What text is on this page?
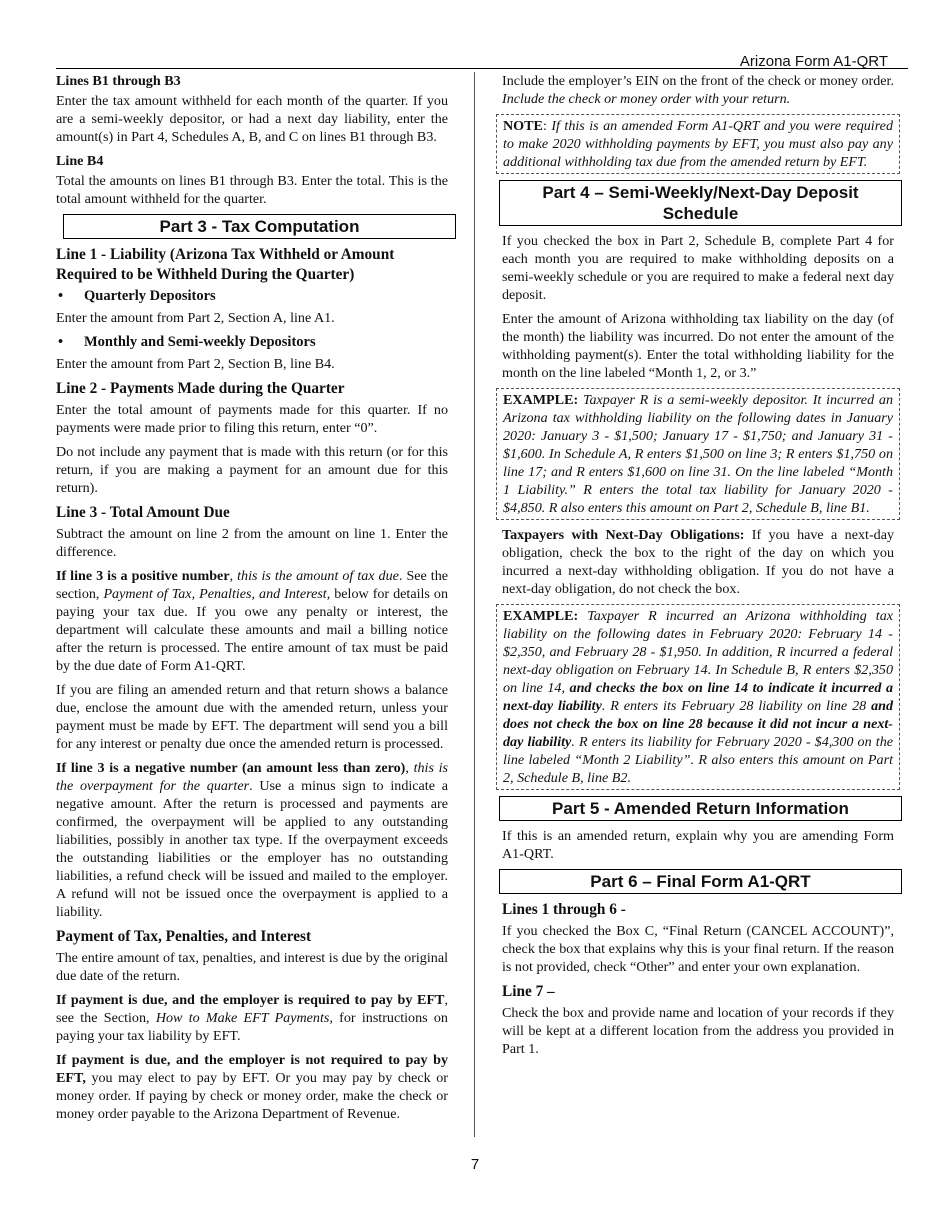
Arizona Form A1-QRT
Lines B1 through B3

Enter the tax amount withheld for each month of the quarter. If you are a semi-weekly depositor, or had a next day liability, enter the amount(s) in Part 4, Schedules A, B, and C on lines B1 through B3.

Line B4

Total the amounts on lines B1 through B3. Enter the total. This is the total amount withheld for the quarter.

Part 3 - Tax Computation
Line 1 - Liability (Arizona Tax Withheld or Amount Required to be Withheld During the Quarter)
• Quarterly Depositors

Enter the amount from Part 2, Section A, line A1.

• Monthly and Semi-weekly Depositors

Enter the amount from Part 2, Section B, line B4.

Line 2 - Payments Made during the Quarter

Enter the total amount of payments made for this quarter. If no payments were made prior to filing this return, enter “0”.

Do not include any payment that is made with this return (or for this return, if you are making a payment for an amount due for this return).

Line 3 - Total Amount Due

Subtract the amount on line 2 from the amount on line 1. Enter the difference.

If line 3 is a positive number, this is the amount of tax due. See the section, Payment of Tax, Penalties, and Interest, below for details on paying your tax due. If you owe any penalty or interest, the department will calculate these amounts and mail a billing notice after the return is processed. The entire amount of tax must be paid by the due date of Form A1-QRT.

If you are filing an amended return and that return shows a balance due, enclose the amount due with the amended return, unless your payment must be made by EFT. The department will send you a bill for any interest or penalty due once the amended return is processed.

If line 3 is a negative number (an amount less than zero), this is the overpayment for the quarter. Use a minus sign to indicate a negative amount. After the return is processed and payments are confirmed, the overpayment will be applied to any outstanding liabilities, possibly in another tax type. If the overpayment exceeds the outstanding liabilities or the employer has no outstanding liabilities, a refund check will be issued and mailed to the employer. A refund will not be issued once the overpayment is applied to a liability.

Payment of Tax, Penalties, and Interest

The entire amount of tax, penalties, and interest is due by the original due date of the return.

If payment is due, and the employer is required to pay by EFT, see the Section, How to Make EFT Payments, for instructions on paying your tax liability by EFT.

If payment is due, and the employer is not required to pay by EFT, you may elect to pay by EFT. Or you may pay by check or money order. If paying by check or money order, make the check or money order payable to the Arizona Department of Revenue.

Include the employer’s EIN on the front of the check or money order. Include the check or money order with your return.

NOTE: If this is an amended Form A1-QRT and you were required to make 2020 withholding payments by EFT, you must also pay any additional withholding tax due from the amended return by EFT.
Part 4 – Semi-Weekly/Next-Day Deposit Schedule

If you checked the box in Part 2, Schedule B, complete Part 4 for each month you are required to make withholding deposits on a semi-weekly schedule or you are required to make a federal next day deposit.

Enter the amount of Arizona withholding tax liability on the day (of the month) the liability was incurred. Do not enter the amount of the withholding payment(s). Enter the total withholding liability for the month on the line labeled “Month 1, 2, or 3.”

EXAMPLE: Taxpayer R is a semi-weekly depositor. It incurred an Arizona tax withholding liability on the following dates in January 2020: January 3 - $1,500; January 17 - $1,750; and January 31 - $1,600. In Schedule A, R enters $1,500 on line 3; R enters $1,750 on line 17; and R enters $1,600 on line 31. On the line labeled “Month 1 Liability.” R enters the total tax liability for January 2020 - $4,850. R also enters this amount on Part 2, Schedule B, line B1.

Taxpayers with Next-Day Obligations: If you have a next-day obligation, check the box to the right of the day on which you incurred a next-day withholding obligation. If you do not have a next-day obligation, do not check the box.

EXAMPLE: Taxpayer R incurred an Arizona withholding tax liability on the following dates in February 2020: February 14 - $2,350, and February 28 - $1,950. In addition, R incurred a federal next-day obligation on February 14. In Schedule B, R enters $2,350 on line 14, and checks the box on line 14 to indicate it incurred a next-day liability. R enters its February 28 liability on line 28 and does not check the box on line 28 because it did not incur a next-day liability. R enters its liability for February 2020 - $4,300 on the line labeled “Month 2 Liability”. R also enters this amount on Part 2, Schedule B, line B2.
Part 5 - Amended Return Information

If this is an amended return, explain why you are amending Form A1-QRT.

Part 6 – Final Form A1-QRT
Lines 1 through 6 -

If you checked the Box C, “Final Return (CANCEL ACCOUNT)”, check the box that explains why this is your final return. If the reason is not provided, check “Other” and enter your own explanation.

Line 7 –

Check the box and provide name and location of your records if they will be kept at a different location from the address you provided in Part 1.

7
